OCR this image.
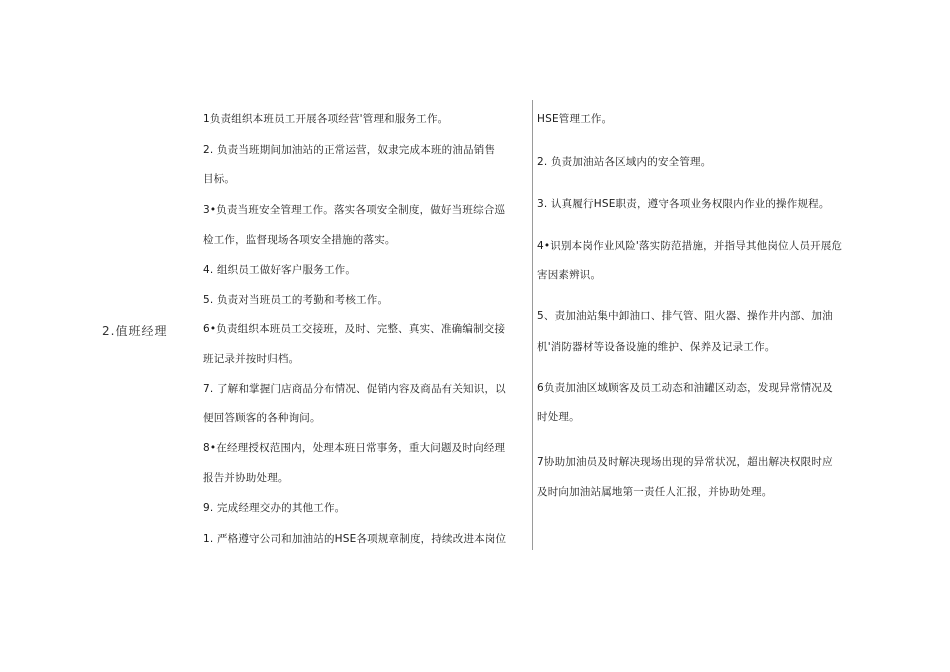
2.值班经理
1负责组织本班员工开展各项经营'管理和服务工作。
2. 负责当班期间加油站的正常运营，奴隶完成本班的油品销售
目标。
3•负责当班安全管理工作。落实各项安全制度，做好当班综合巡
检工作，监督现场各项安全措施的落实。
4. 组织员工做好客户服务工作。
5. 负责对当班员工的考勤和考核工作。
6•负责组织本班员工交接班，及时、完整、真实、准确编制交接
班记录并按时归档。
7. 了解和掌握门店商品分布情况、促销内容及商品有关知识，以
便回答顾客的各种询问。
8•在经理授权范围内，处理本班日常事务，重大问题及时向经理
报告并协助处理。
9. 完成经理交办的其他工作。
1. 严格遵守公司和加油站的HSE各项规章制度，持续改进本岗位
HSE管理工作。
2. 负责加油站各区域内的安全管理。
3. 认真履行HSE职责，遵守各项业务权限内作业的操作规程。
4•识别本岗作业风险'落实防范措施，并指导其他岗位人员开展危
害因素辨识。
5、责加油站集中卸油口、排气管、阻火器、操作井内部、加油
机'消防器材等设备设施的维护、保养及记录工作。
6负责加油区域顾客及员工动态和油罐区动态，发现异常情况及
时处理。
7协助加油员及时解决现场出现的异常状况，超出解决权限时应
及时向加油站属地第一责任人汇报，并协助处理。
